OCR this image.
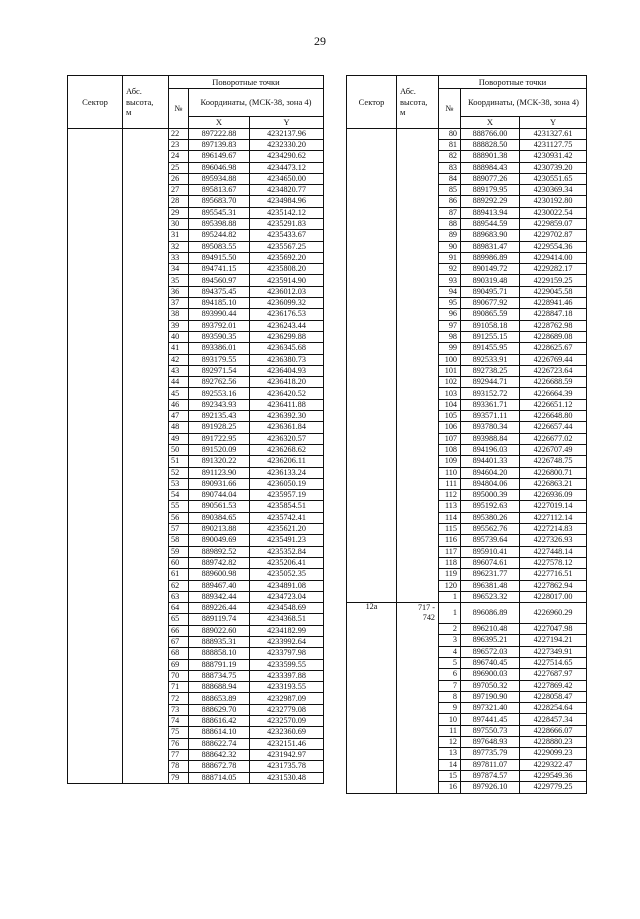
29
Сектор	Абс.
высота,
м	Поворотные точки		
		№	Координаты, (МСК-38, зона 4)	
			X	Y
		22	897222.88	4232137.96
		23	897139.83	4232330.20
		24	896149.67	4234290.62
		25	896046.98	4234473.12
		26	895934.88	4234650.00
		27	895813.67	4234820.77
		28	895683.70	4234984.96
		29	895545.31	4235142.12
		30	895398.88	4235291.83
		31	895244.82	4235433.67
		32	895083.55	4235567.25
		33	894915.50	4235692.20
		34	894741.15	4235808.20
		35	894560.97	4235914.90
		36	894375.45	4236012.03
		37	894185.10	4236099.32
		38	893990.44	4236176.53
		39	893792.01	4236243.44
		40	893590.35	4236299.88
		41	893386.01	4236345.68
		42	893179.55	4236380.73
		43	892971.54	4236404.93
		44	892762.56	4236418.20
		45	892553.16	4236420.52
		46	892343.93	4236411.88
		47	892135.43	4236392.30
		48	891928.25	4236361.84
		49	891722.95	4236320.57
		50	891520.09	4236268.62
		51	891320.22	4236206.11
		52	891123.90	4236133.24
		53	890931.66	4236050.19
		54	890744.04	4235957.19
		55	890561.53	4235854.51
		56	890384.65	4235742.41
		57	890213.88	4235621.20
		58	890049.69	4235491.23
		59	889892.52	4235352.84
		60	889742.82	4235206.41
		61	889600.98	4235052.35
		62	889467.40	4234891.08
		63	889342.44	4234723.04
		64	889226.44	4234548.69
		65	889119.74	4234368.51
		66	889022.60	4234182.99
		67	888935.31	4233992.64
		68	888858.10	4233797.98
		69	888791.19	4233599.55
		70	888734.75	4233397.88
		71	888688.94	4233193.55
		72	888653.89	4232987.09
		73	888629.70	4232779.08
		74	888616.42	4232570.09
		75	888614.10	4232360.69
		76	888622.74	4232151.46
		77	888642.32	4231942.97
		78	888672.78	4231735.78
		79	888714.05	4231530.48
Сектор	Абс.
высота,
м	Поворотные точки		
		№	Координаты, (МСК-38, зона 4)	
			X	Y
		80	888766.00	4231327.61
		81	888828.50	4231127.75
		82	888901.38	4230931.42
		83	888984.43	4230739.20
		84	889077.26	4230551.65
		85	889179.95	4230369.34
		86	889292.29	4230192.80
		87	889413.94	4230022.54
		88	889544.59	4229859.07
		89	889683.90	4229702.87
		90	889831.47	4229554.36
		91	889986.89	4229414.00
		92	890149.72	4229282.17
		93	890319.48	4229159.25
		94	890495.71	4229045.58
		95	890677.92	4228941.46
		96	890865.59	4228847.18
		97	891058.18	4228762.98
		98	891255.15	4228689.08
		99	891455.95	4228625.67
		100	892533.91	4226769.44
		101	892738.25	4226723.64
		102	892944.71	4226688.59
		103	893152.72	4226664.39
		104	893361.71	4226651.12
		105	893571.11	4226648.80
		106	893780.34	4226657.44
		107	893988.84	4226677.02
		108	894196.03	4226707.49
		109	894401.33	4226748.75
		110	894604.20	4226800.71
		111	894804.06	4226863.21
		112	895000.39	4226936.09
		113	895192.63	4227019.14
		114	895380.26	4227112.14
		115	895562.76	4227214.83
		116	895739.64	4227326.93
		117	895910.41	4227448.14
		118	896074.61	4227578.12
		119	896231.77	4227716.51
		120	896381.48	4227862.94
		1	896523.32	4228017.00
12а	717 -
742	1	896086.89	4226960.29
		2	896210.48	4227047.98
		3	896395.21	4227194.21
		4	896572.03	4227349.91
		5	896740.45	4227514.65
		6	896900.03	4227687.97
		7	897050.32	4227869.42
		8	897190.90	4228058.47
		9	897321.40	4228254.64
		10	897441.45	4228457.34
		11	897550.73	4228666.07
		12	897648.93	4228880.23
		13	897735.79	4229099.23
		14	897811.07	4229322.47
		15	897874.57	4229549.36
		16	897926.10	4229779.25
